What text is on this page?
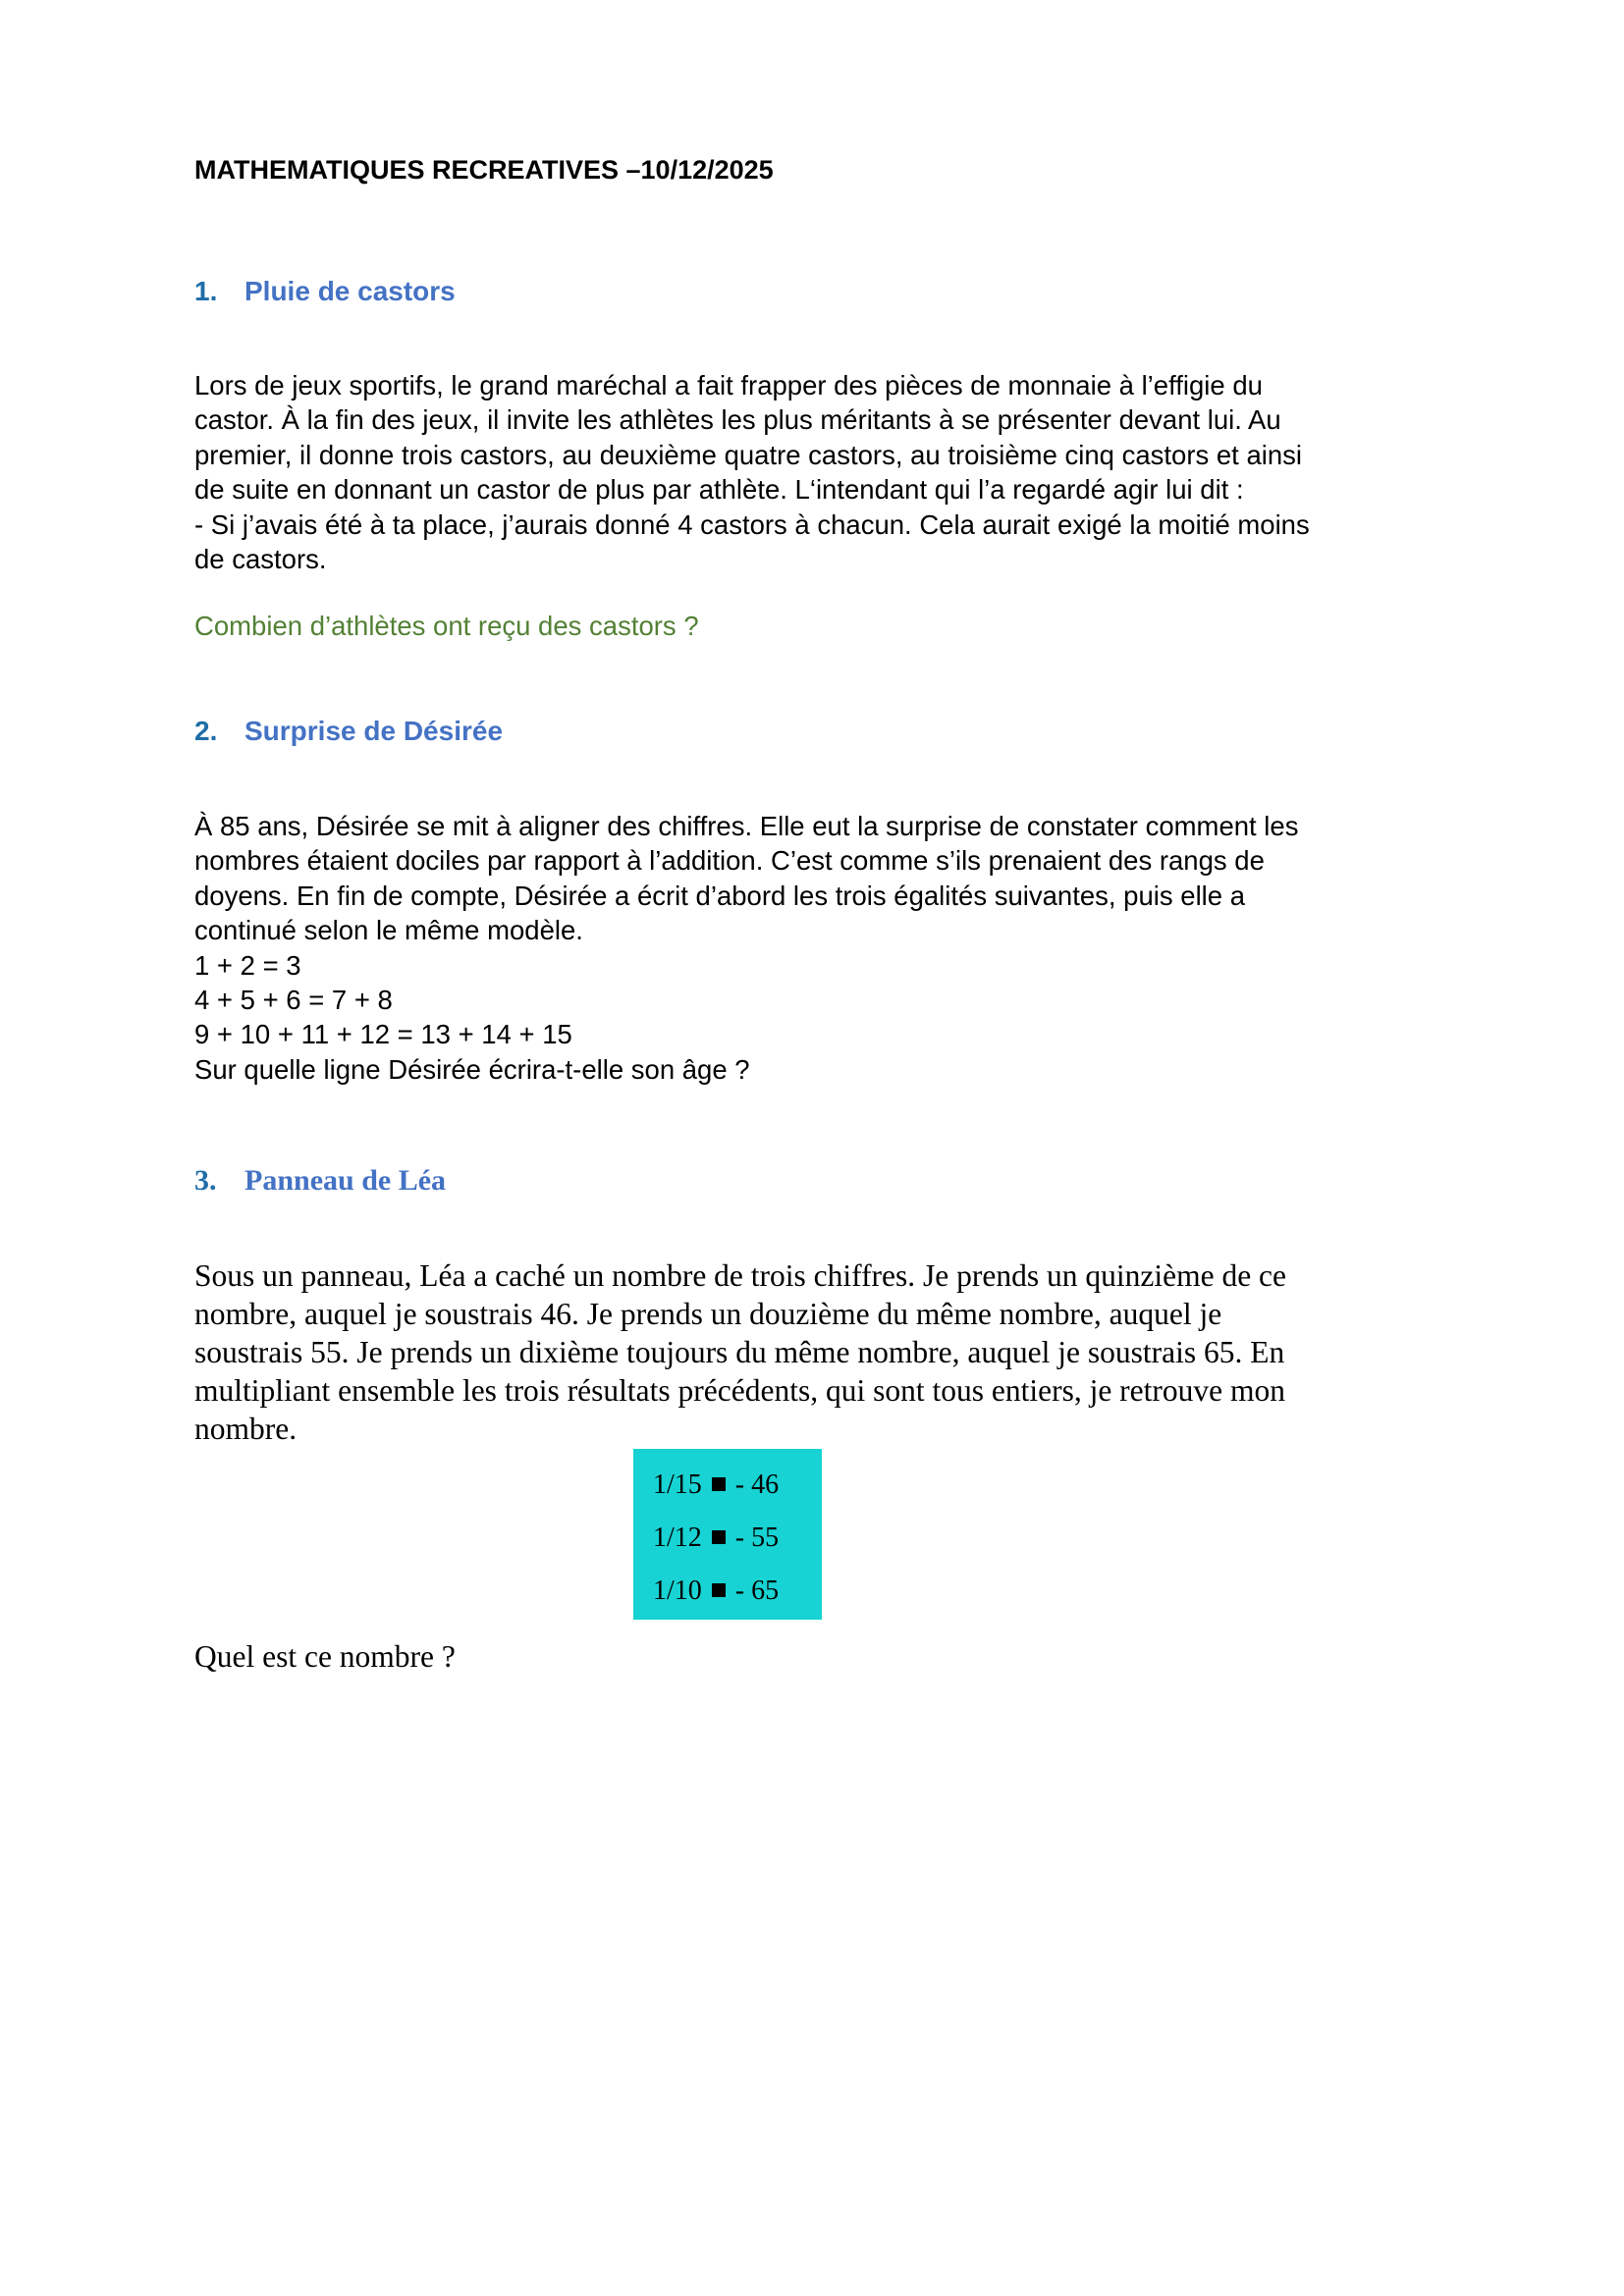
MATHEMATIQUES RECREATIVES –10/12/2025
1. Pluie de castors
Lors de jeux sportifs, le grand maréchal a fait frapper des pièces de monnaie à l’effigie du
castor. À la fin des jeux, il invite les athlètes les plus méritants à se présenter devant lui. Au
premier, il donne trois castors, au deuxième quatre castors, au troisième cinq castors et ainsi
de suite en donnant un castor de plus par athlète. L‘intendant qui l’a regardé agir lui dit :
- Si j’avais été à ta place, j’aurais donné 4 castors à chacun. Cela aurait exigé la moitié moins
de castors.
Combien d’athlètes ont reçu des castors ?
2. Surprise de Désirée
À 85 ans, Désirée se mit à aligner des chiffres. Elle eut la surprise de constater comment les
nombres étaient dociles par rapport à l’addition. C’est comme s’ils prenaient des rangs de
doyens. En fin de compte, Désirée a écrit d’abord les trois égalités suivantes, puis elle a
continué selon le même modèle.
1 + 2 = 3
4 + 5 + 6 = 7 + 8
9 + 10 + 11 + 12 = 13 + 14 + 15
Sur quelle ligne Désirée écrira-t-elle son âge ?
3. Panneau de Léa
Sous un panneau, Léa a caché un nombre de trois chiffres. Je prends un quinzième de ce
nombre, auquel je soustrais 46. Je prends un douzième du même nombre, auquel je
soustrais 55. Je prends un dixième toujours du même nombre, auquel je soustrais 65. En
multipliant ensemble les trois résultats précédents, qui sont tous entiers, je retrouve mon
nombre.
1/15 - 46
1/12 - 55
1/10 - 65
Quel est ce nombre ?
